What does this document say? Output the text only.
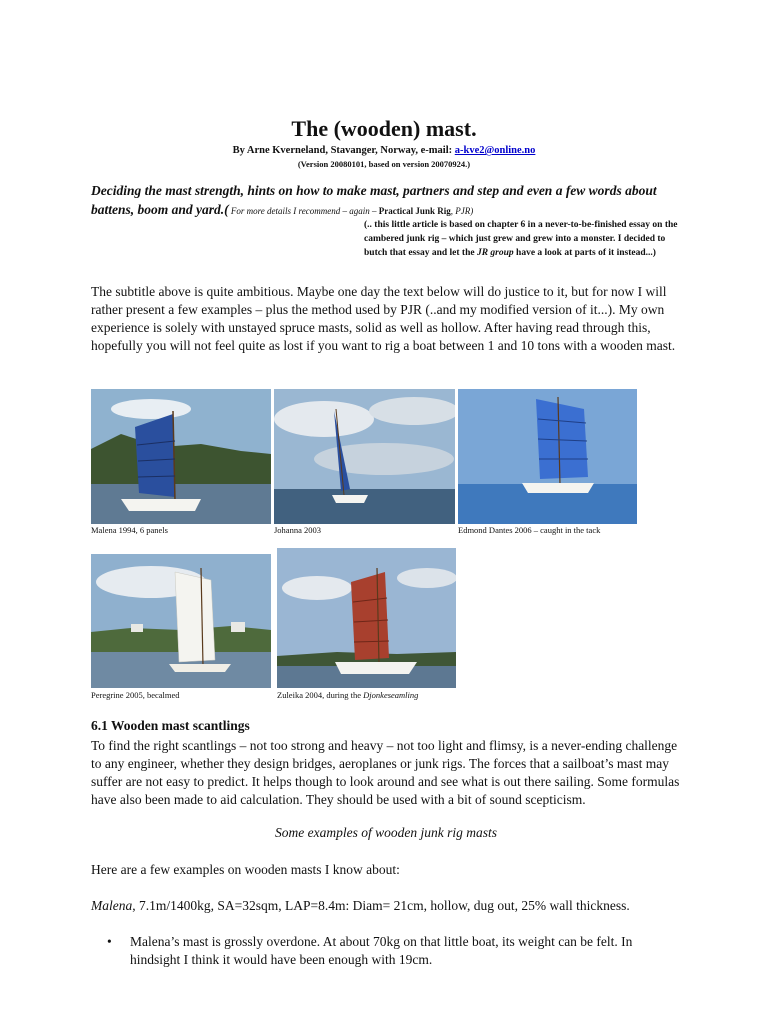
The (wooden) mast.
By Arne Kverneland, Stavanger, Norway, e-mail: a-kve2@online.no
(Version 20080101, based on version 20070924.)
Deciding the mast strength, hints on how to make mast, partners and step and even a few words about battens, boom and yard.( For more details I recommend – again – Practical Junk Rig, PJR)
(.. this little article is based on chapter 6 in a never-to-be-finished essay on the cambered junk rig – which just grew and grew into a monster. I decided to butch that essay and let the JR group have a look at parts of it instead...)

The subtitle above is quite ambitious. Maybe one day the text below will do justice to it, but for now I will rather present a few examples – plus the method used by PJR (..and my modified version of it...). My own experience is solely with unstayed spruce masts, solid as well as hollow. After having read through this, hopefully you will not feel quite as lost if you want to rig a boat between 1 and 10 tons with a wooden mast.

Malena 1994, 6 panels	Johanna 2003	Edmond Dantes 2006 – caught in the tack
Peregrine 2005, becalmed	Zuleika 2004, during the Djonkeseamling
6.1 Wooden mast scantlings

To find the right scantlings – not too strong and heavy – not too light and flimsy, is a never-ending challenge to any engineer, whether they design bridges, aeroplanes or junk rigs. The forces that a sailboat’s mast may suffer are not easy to predict. It helps though to look around and see what is out there sailing. Some formulas have also been made to aid calculation. They should be used with a bit of sound scepticism.

Some examples of wooden junk rig masts

Here are a few examples on wooden masts I know about:

Malena, 7.1m/1400kg, SA=32sqm, LAP=8.4m: Diam= 21cm, hollow, dug out, 25% wall thickness.

• Malena’s mast is grossly overdone. At about 70kg on that little boat, its weight can be felt. In hindsight I think it would have been enough with 19cm.
